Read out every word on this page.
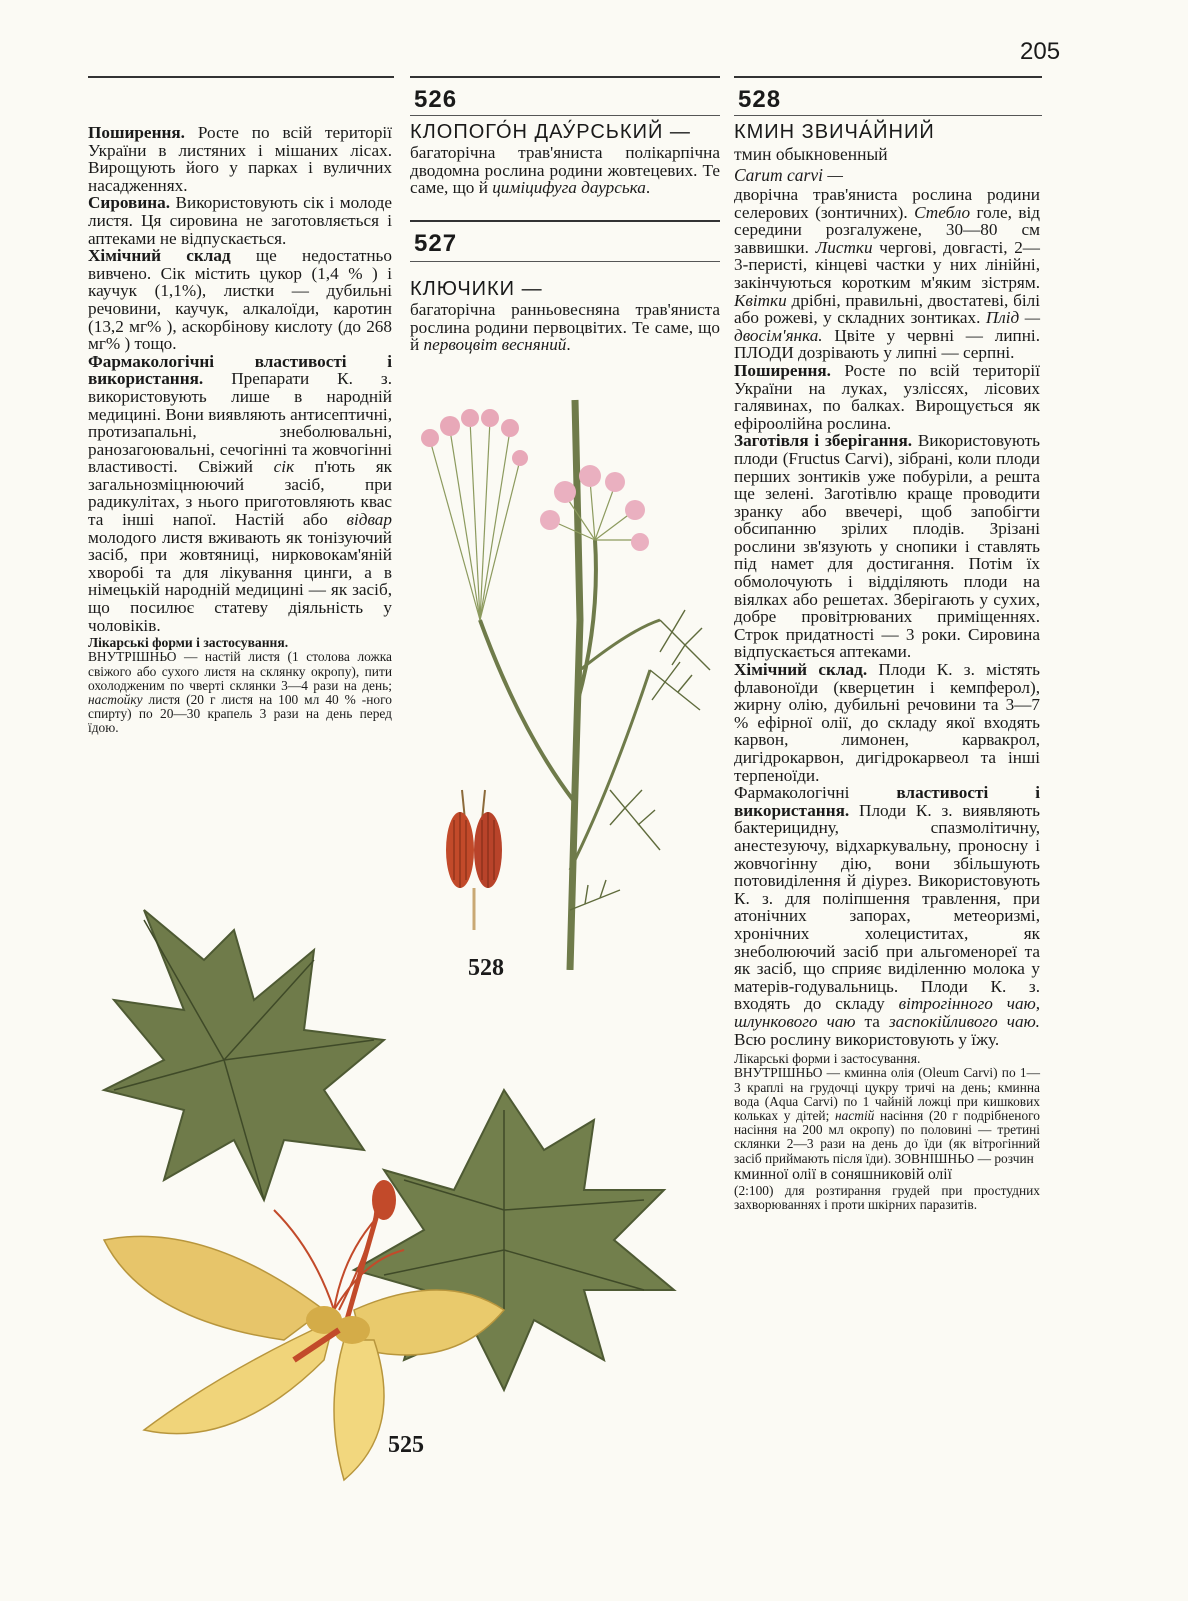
205

Поширення. Росте по всій території України в листяних і мішаних лісах. Вирощують його у парках і вуличних насадженнях.

Сировина. Використовують сік і молоде листя. Ця сировина не заготовляється і аптеками не відпускається.

Хімічний склад ще недостатньо вивчено. Сік містить цукор (1,4 % ) і каучук (1,1%), листки — дубильні речовини, каучук, алкалоїди, каротин (13,2 мг% ), аскорбінову кислоту (до 268 мг% ) тощо.

Фармакологічні властивості і використання. Препарати К. з. використовують лише в народній медицині. Вони виявляють антисептичні, протизапальні, знеболювальні, ранозагоювальні, сечогінні та жовчогінні властивості. Свіжий сік п'ють як загальнозміцнюючий засіб, при радикулітах, з нього приготовляють квас та інші напої. Настій або відвар молодого листя вживають як тонізуючий засіб, при жовтяниці, нирковокам'яній хворобі та для лікування цинги, а в німецькій народній медицині — як засіб, що посилює статеву діяльність у чоловіків.

Лікарські форми і застосування.

ВНУТРІШНЬО — настій листя (1 столова ложка свіжого або сухого листя на склянку окропу), пити охолодженим по чверті склянки 3—4 рази на день; настойку листя (20 г листя на 100 мл 40 % -ного спирту) по 20—30 крапель 3 рази на день перед їдою.

526
КЛОПОГО́Н ДАУ́РСЬКИЙ —
багаторічна трав'яниста полікарпічна дводомна рослина родини жовтецевих. Те саме, що й цимiцифуга даурська.
527
КЛЮЧИКИ —
багаторічна ранньовесняна трав'яниста рослина родини первоцвітих. Те саме, що й первоцвіт весняний.
528
КМИН ЗВИЧА́ЙНИЙ
тмин обыкновенный
Carum carvi —

дворічна трав'яниста рослина родини селерових (зонтичних). Стебло голе, від середини розгалужене, 30—80 см заввишки. Листки чергові, довгасті, 2—3-перисті, кінцеві частки у них лінійні, закінчуються коротким м'яким зістрям. Квітки дрібні, правильні, двостатеві, білі або рожеві, у складних зонтиках. Плід — двосім'янка. Цвіте у червні — липні. ПЛОДИ дозрівають у липні — серпні.

Поширення. Росте по всій території України на луках, узліссях, лісових галявинах, по балках. Вирощується як ефіроолійна рослина.

Заготівля і зберігання. Використовують плоди (Fructus Carvi), зібрані, коли плоди перших зонтиків уже побуріли, а решта ще зелені. Заготівлю краще проводити зранку або ввечері, щоб запобігти обсипанню зрілих плодів. Зрізані рослини зв'язують у снопики і ставлять під намет для достигання. Потім їх обмолочують і відділяють плоди на віялках або решетах. Зберігають у сухих, добре провітрюваних приміщеннях. Строк придатності — 3 роки. Сировина відпускається аптеками.

Хімічний склад. Плоди К. з. містять флавоноїди (кверцетин і кемпферол), жирну олію, дубильні речовини та 3—7 % ефірної олії, до складу якої входять карвон, лимонен, карвакрол, дигідрокарвон, дигідрокарвеол та інші терпеноїди.

Фармакологічні властивості і використання. Плоди К. з. виявляють бактерицидну, спазмолітичну, анестезуючу, відхаркувальну, проносну і жовчогінну дію, вони збільшують потовиділення й діурез. Використовують К. з. для поліпшення травлення, при атонічних запорах, метеоризмі, хронічних холециститах, як знеболюючий засіб при альгоменореї та як засіб, що сприяє виділенню молока у матерів-годувальниць. Плоди К. з. входять до складу вітрогінного чаю, шлункового чаю та заспокійливого чаю. Всю рослину використовують у їжу.

Лікарські форми і застосування.

ВНУТРІШНЬО — кминна олія (Oleum Carvi) по 1—3 краплі на грудочці цукру тричі на день; кминна вода (Aqua Carvi) по 1 чайній ложці при кишкових кольках у дітей; настій насіння (20 г подрібненого насіння на 200 мл окропу) по половині — третині склянки 2—3 рази на день до їди (як вітрогінний засіб приймають після їди). ЗОВНІШНЬО — розчин

кминної олії в соняшниковій олії

(2:100) для розтирання грудей при простудних захворюваннях і проти шкірних паразитів.

528
525
